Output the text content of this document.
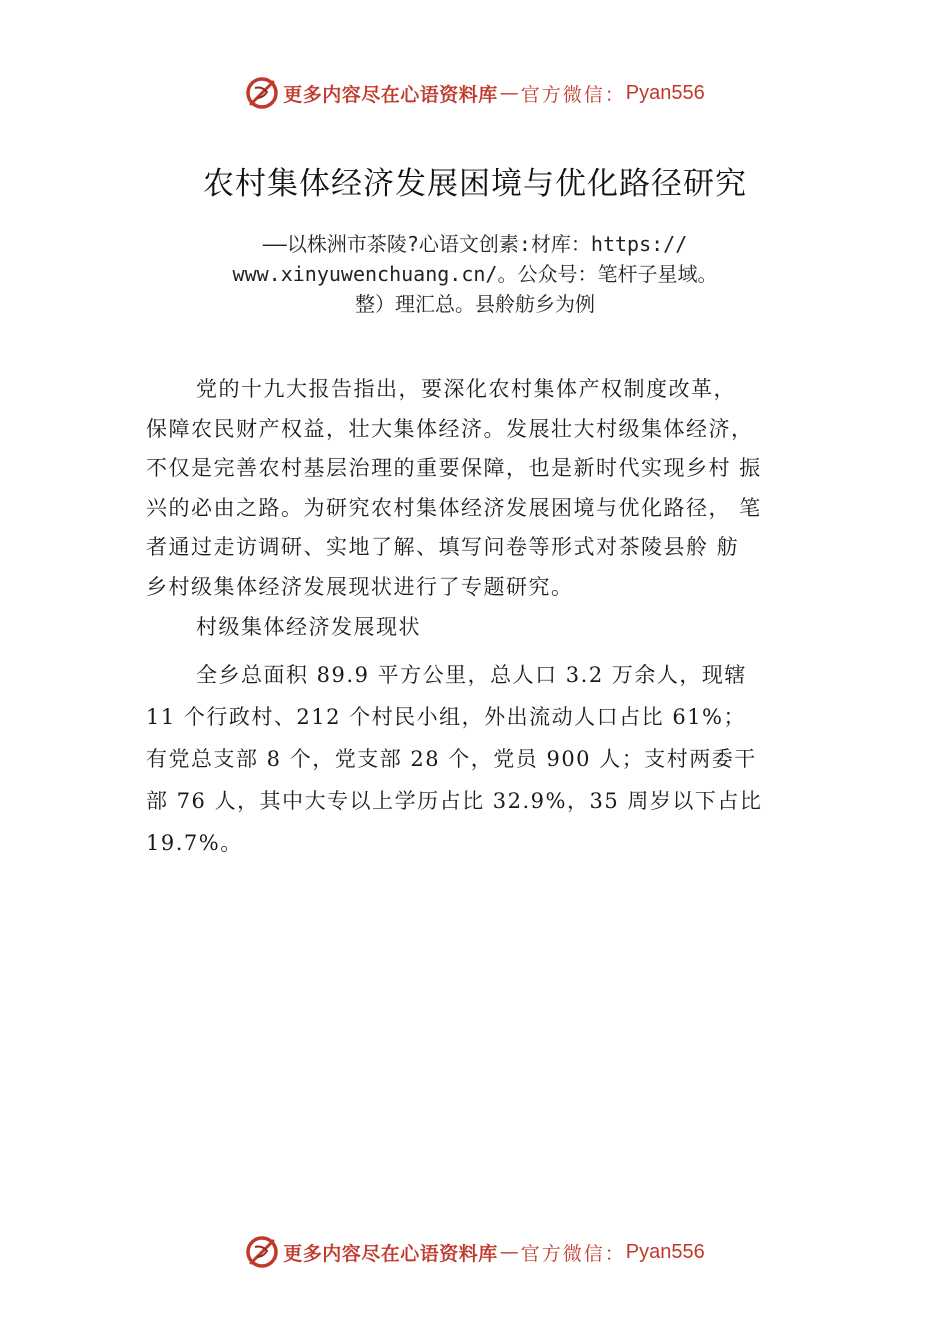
更多内容尽在心语资料库 — 官方微信： Pyan556
农村集体经济发展困境与优化路径研究
——以株洲市茶陵?心语文创素:材库：https://
www.xinyuwenchuang.cn/。公众号：笔杆子星域。
整）理汇总。县舲舫乡为例
党的十九大报告指出，要深化农村集体产权制度改革，
保障农民财产权益，壮大集体经济。发展壮大村级集体经济，
不仅是完善农村基层治理的重要保障，也是新时代实现乡村 振
兴的必由之路。为研究农村集体经济发展困境与优化路径， 笔
者通过走访调研、实地了解、填写问卷等形式对茶陵县舲 舫
乡村级集体经济发展现状进行了专题研究。
村级集体经济发展现状
全乡总面积 89.9 平方公里，总人口 3.2 万余人，现辖
11 个行政村、212 个村民小组，外出流动人口占比 61%；
有党总支部 8 个，党支部 28 个，党员 900 人；支村两委干
部 76 人，其中大专以上学历占比 32.9%，35 周岁以下占比
19.7%。
更多内容尽在心语资料库 — 官方微信： Pyan556
